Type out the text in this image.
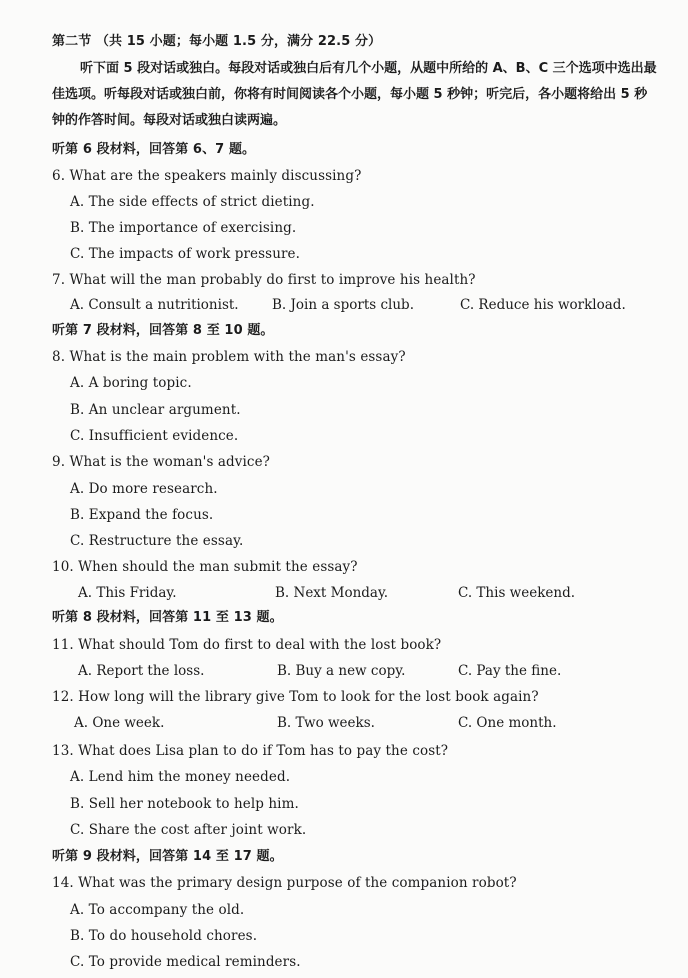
第二节 （共 15 小题；每小题 1.5 分，满分 22.5 分）
听下面 5 段对话或独白。每段对话或独白后有几个小题，从题中所给的 A、B、C 三个选项中选出最佳选项。听每段对话或独白前，你将有时间阅读各个小题，每小题 5 秒钟；听完后，各小题将给出 5 秒钟的作答时间。每段对话或独白读两遍。
听第 6 段材料，回答第 6、7 题。
6. What are the speakers mainly discussing?
A. The side effects of strict dieting.
B. The importance of exercising.
C. The impacts of work pressure.
7. What will the man probably do first to improve his health?
A. Consult a nutritionist. B. Join a sports club.	C. Reduce his workload.
听第 7 段材料，回答第 8 至 10 题。
8. What is the main problem with the man's essay?
A. A boring topic.
B. An unclear argument.
C. Insufficient evidence.
9. What is the woman's advice?
A. Do more research.
B. Expand the focus.
C. Restructure the essay.
10. When should the man submit the essay?
A. This Friday.	B. Next Monday.	C. This weekend.
听第 8 段材料，回答第 11 至 13 题。
11. What should Tom do first to deal with the lost book?
A. Report the loss.	B. Buy a new copy.	C. Pay the fine.
12. How long will the library give Tom to look for the lost book again?
A. One week.	B. Two weeks.	C. One month.
13. What does Lisa plan to do if Tom has to pay the cost?
A. Lend him the money needed.
B. Sell her notebook to help him.
C. Share the cost after joint work.
听第 9 段材料，回答第 14 至 17 题。
14. What was the primary design purpose of the companion robot?
A. To accompany the old.
B. To do household chores.
C. To provide medical reminders.
